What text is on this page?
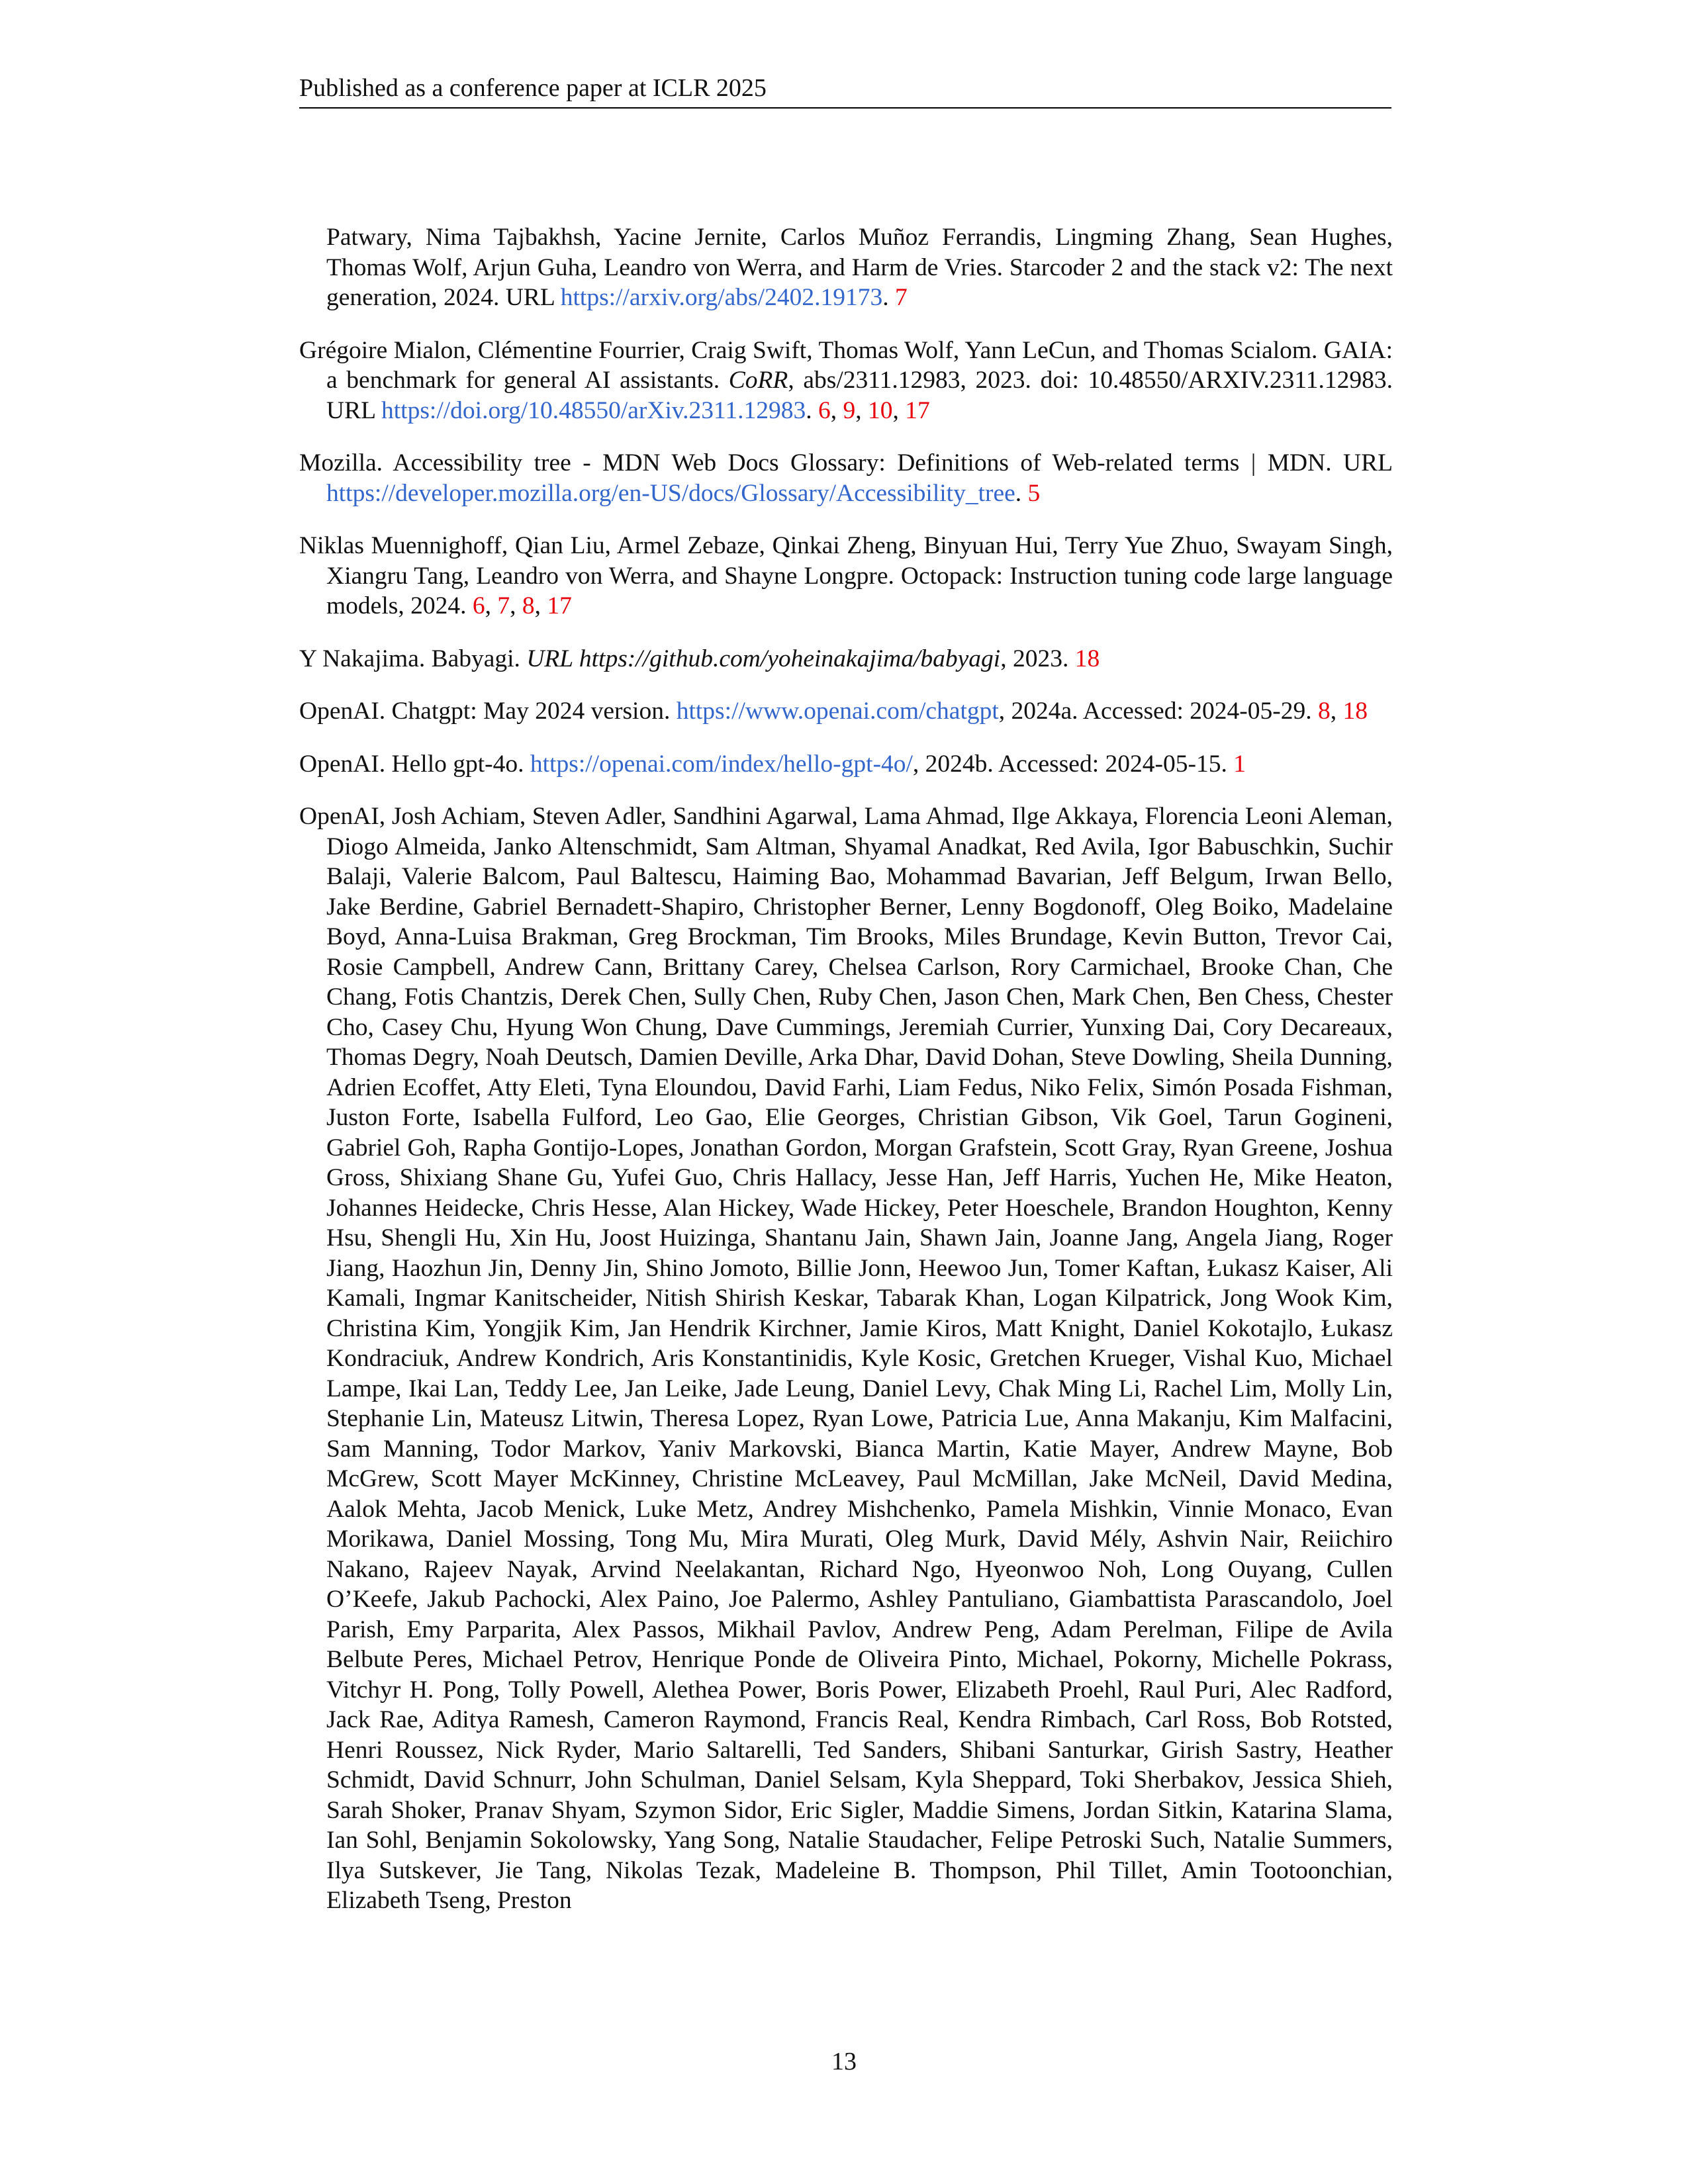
Published as a conference paper at ICLR 2025

Patwary, Nima Tajbakhsh, Yacine Jernite, Carlos Muñoz Ferrandis, Lingming Zhang, Sean Hughes, Thomas Wolf, Arjun Guha, Leandro von Werra, and Harm de Vries. Starcoder 2 and the stack v2: The next generation, 2024. URL https://arxiv.org/abs/2402.19173. 7

Grégoire Mialon, Clémentine Fourrier, Craig Swift, Thomas Wolf, Yann LeCun, and Thomas Scialom. GAIA: a benchmark for general AI assistants. CoRR, abs/2311.12983, 2023. doi: 10.48550/ARXIV.2311.12983. URL https://doi.org/10.48550/arXiv.2311.12983. 6, 9, 10, 17

Mozilla. Accessibility tree - MDN Web Docs Glossary: Definitions of Web-related terms | MDN. URL https://developer.mozilla.org/en-US/docs/Glossary/Accessibility_tree. 5

Niklas Muennighoff, Qian Liu, Armel Zebaze, Qinkai Zheng, Binyuan Hui, Terry Yue Zhuo, Swayam Singh, Xiangru Tang, Leandro von Werra, and Shayne Longpre. Octopack: Instruction tuning code large language models, 2024. 6, 7, 8, 17

Y Nakajima. Babyagi. URL https://github.com/yoheinakajima/babyagi, 2023. 18

OpenAI. Chatgpt: May 2024 version. https://www.openai.com/chatgpt, 2024a. Accessed: 2024-05-29. 8, 18

OpenAI. Hello gpt-4o. https://openai.com/index/hello-gpt-4o/, 2024b. Accessed: 2024-05-15. 1

OpenAI, Josh Achiam, Steven Adler, Sandhini Agarwal, Lama Ahmad, Ilge Akkaya, Florencia Leoni Aleman, Diogo Almeida, Janko Altenschmidt, Sam Altman, Shyamal Anadkat, Red Avila, Igor Babuschkin, Suchir Balaji, Valerie Balcom, Paul Baltescu, Haiming Bao, Mohammad Bavarian, Jeff Belgum, Irwan Bello, Jake Berdine, Gabriel Bernadett-Shapiro, Christopher Berner, Lenny Bogdonoff, Oleg Boiko, Madelaine Boyd, Anna-Luisa Brakman, Greg Brockman, Tim Brooks, Miles Brundage, Kevin Button, Trevor Cai, Rosie Campbell, Andrew Cann, Brittany Carey, Chelsea Carlson, Rory Carmichael, Brooke Chan, Che Chang, Fotis Chantzis, Derek Chen, Sully Chen, Ruby Chen, Jason Chen, Mark Chen, Ben Chess, Chester Cho, Casey Chu, Hyung Won Chung, Dave Cummings, Jeremiah Currier, Yunxing Dai, Cory Decareaux, Thomas Degry, Noah Deutsch, Damien Deville, Arka Dhar, David Dohan, Steve Dowling, Sheila Dunning, Adrien Ecoffet, Atty Eleti, Tyna Eloundou, David Farhi, Liam Fedus, Niko Felix, Simón Posada Fishman, Juston Forte, Isabella Fulford, Leo Gao, Elie Georges, Christian Gibson, Vik Goel, Tarun Gogineni, Gabriel Goh, Rapha Gontijo-Lopes, Jonathan Gordon, Morgan Grafstein, Scott Gray, Ryan Greene, Joshua Gross, Shixiang Shane Gu, Yufei Guo, Chris Hallacy, Jesse Han, Jeff Harris, Yuchen He, Mike Heaton, Johannes Heidecke, Chris Hesse, Alan Hickey, Wade Hickey, Peter Hoeschele, Brandon Houghton, Kenny Hsu, Shengli Hu, Xin Hu, Joost Huizinga, Shantanu Jain, Shawn Jain, Joanne Jang, Angela Jiang, Roger Jiang, Haozhun Jin, Denny Jin, Shino Jomoto, Billie Jonn, Heewoo Jun, Tomer Kaftan, Łukasz Kaiser, Ali Kamali, Ingmar Kanitscheider, Nitish Shirish Keskar, Tabarak Khan, Logan Kilpatrick, Jong Wook Kim, Christina Kim, Yongjik Kim, Jan Hendrik Kirchner, Jamie Kiros, Matt Knight, Daniel Kokotajlo, Łukasz Kondraciuk, Andrew Kondrich, Aris Konstantinidis, Kyle Kosic, Gretchen Krueger, Vishal Kuo, Michael Lampe, Ikai Lan, Teddy Lee, Jan Leike, Jade Leung, Daniel Levy, Chak Ming Li, Rachel Lim, Molly Lin, Stephanie Lin, Mateusz Litwin, Theresa Lopez, Ryan Lowe, Patricia Lue, Anna Makanju, Kim Malfacini, Sam Manning, Todor Markov, Yaniv Markovski, Bianca Martin, Katie Mayer, Andrew Mayne, Bob McGrew, Scott Mayer McKinney, Christine McLeavey, Paul McMillan, Jake McNeil, David Medina, Aalok Mehta, Jacob Menick, Luke Metz, Andrey Mishchenko, Pamela Mishkin, Vinnie Monaco, Evan Morikawa, Daniel Mossing, Tong Mu, Mira Murati, Oleg Murk, David Mély, Ashvin Nair, Reiichiro Nakano, Rajeev Nayak, Arvind Neelakantan, Richard Ngo, Hyeonwoo Noh, Long Ouyang, Cullen O’Keefe, Jakub Pachocki, Alex Paino, Joe Palermo, Ashley Pantuliano, Giambattista Parascandolo, Joel Parish, Emy Parparita, Alex Passos, Mikhail Pavlov, Andrew Peng, Adam Perelman, Filipe de Avila Belbute Peres, Michael Petrov, Henrique Ponde de Oliveira Pinto, Michael, Pokorny, Michelle Pokrass, Vitchyr H. Pong, Tolly Powell, Alethea Power, Boris Power, Elizabeth Proehl, Raul Puri, Alec Radford, Jack Rae, Aditya Ramesh, Cameron Raymond, Francis Real, Kendra Rimbach, Carl Ross, Bob Rotsted, Henri Roussez, Nick Ryder, Mario Saltarelli, Ted Sanders, Shibani Santurkar, Girish Sastry, Heather Schmidt, David Schnurr, John Schulman, Daniel Selsam, Kyla Sheppard, Toki Sherbakov, Jessica Shieh, Sarah Shoker, Pranav Shyam, Szymon Sidor, Eric Sigler, Maddie Simens, Jordan Sitkin, Katarina Slama, Ian Sohl, Benjamin Sokolowsky, Yang Song, Natalie Staudacher, Felipe Petroski Such, Natalie Summers, Ilya Sutskever, Jie Tang, Nikolas Tezak, Madeleine B. Thompson, Phil Tillet, Amin Tootoonchian, Elizabeth Tseng, Preston

13
